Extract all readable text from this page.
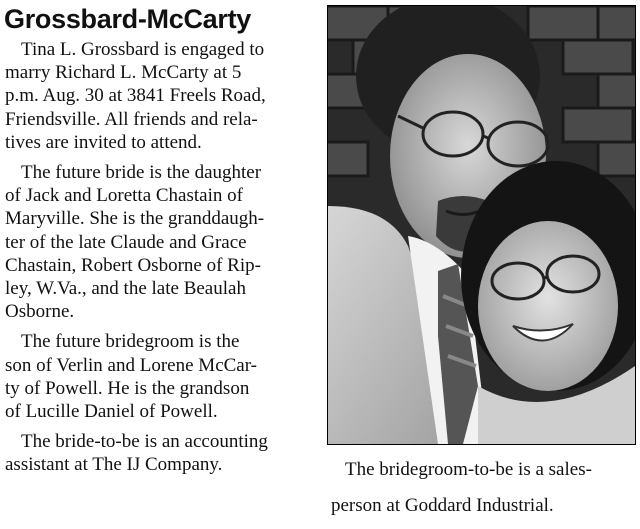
Grossbard-McCarty

Tina L. Grossbard is engaged to
marry Richard L. McCarty at 5
p.m. Aug. 30 at 3841 Freels Road,
Friendsville. All friends and rela-
tives are invited to attend.

The future bride is the daughter
of Jack and Loretta Chastain of
Maryville. She is the granddaugh-
ter of the late Claude and Grace
Chastain, Robert Osborne of Rip-
ley, W.Va., and the late Beaulah
Osborne.

The future bridegroom is the
son of Verlin and Lorene McCar-
ty of Powell. He is the grandson
of Lucille Daniel of Powell.

The bride-to-be is an accounting
assistant at The IJ Company.	The bridegroom-to-be is a sales-
person at Goddard Industrial.
